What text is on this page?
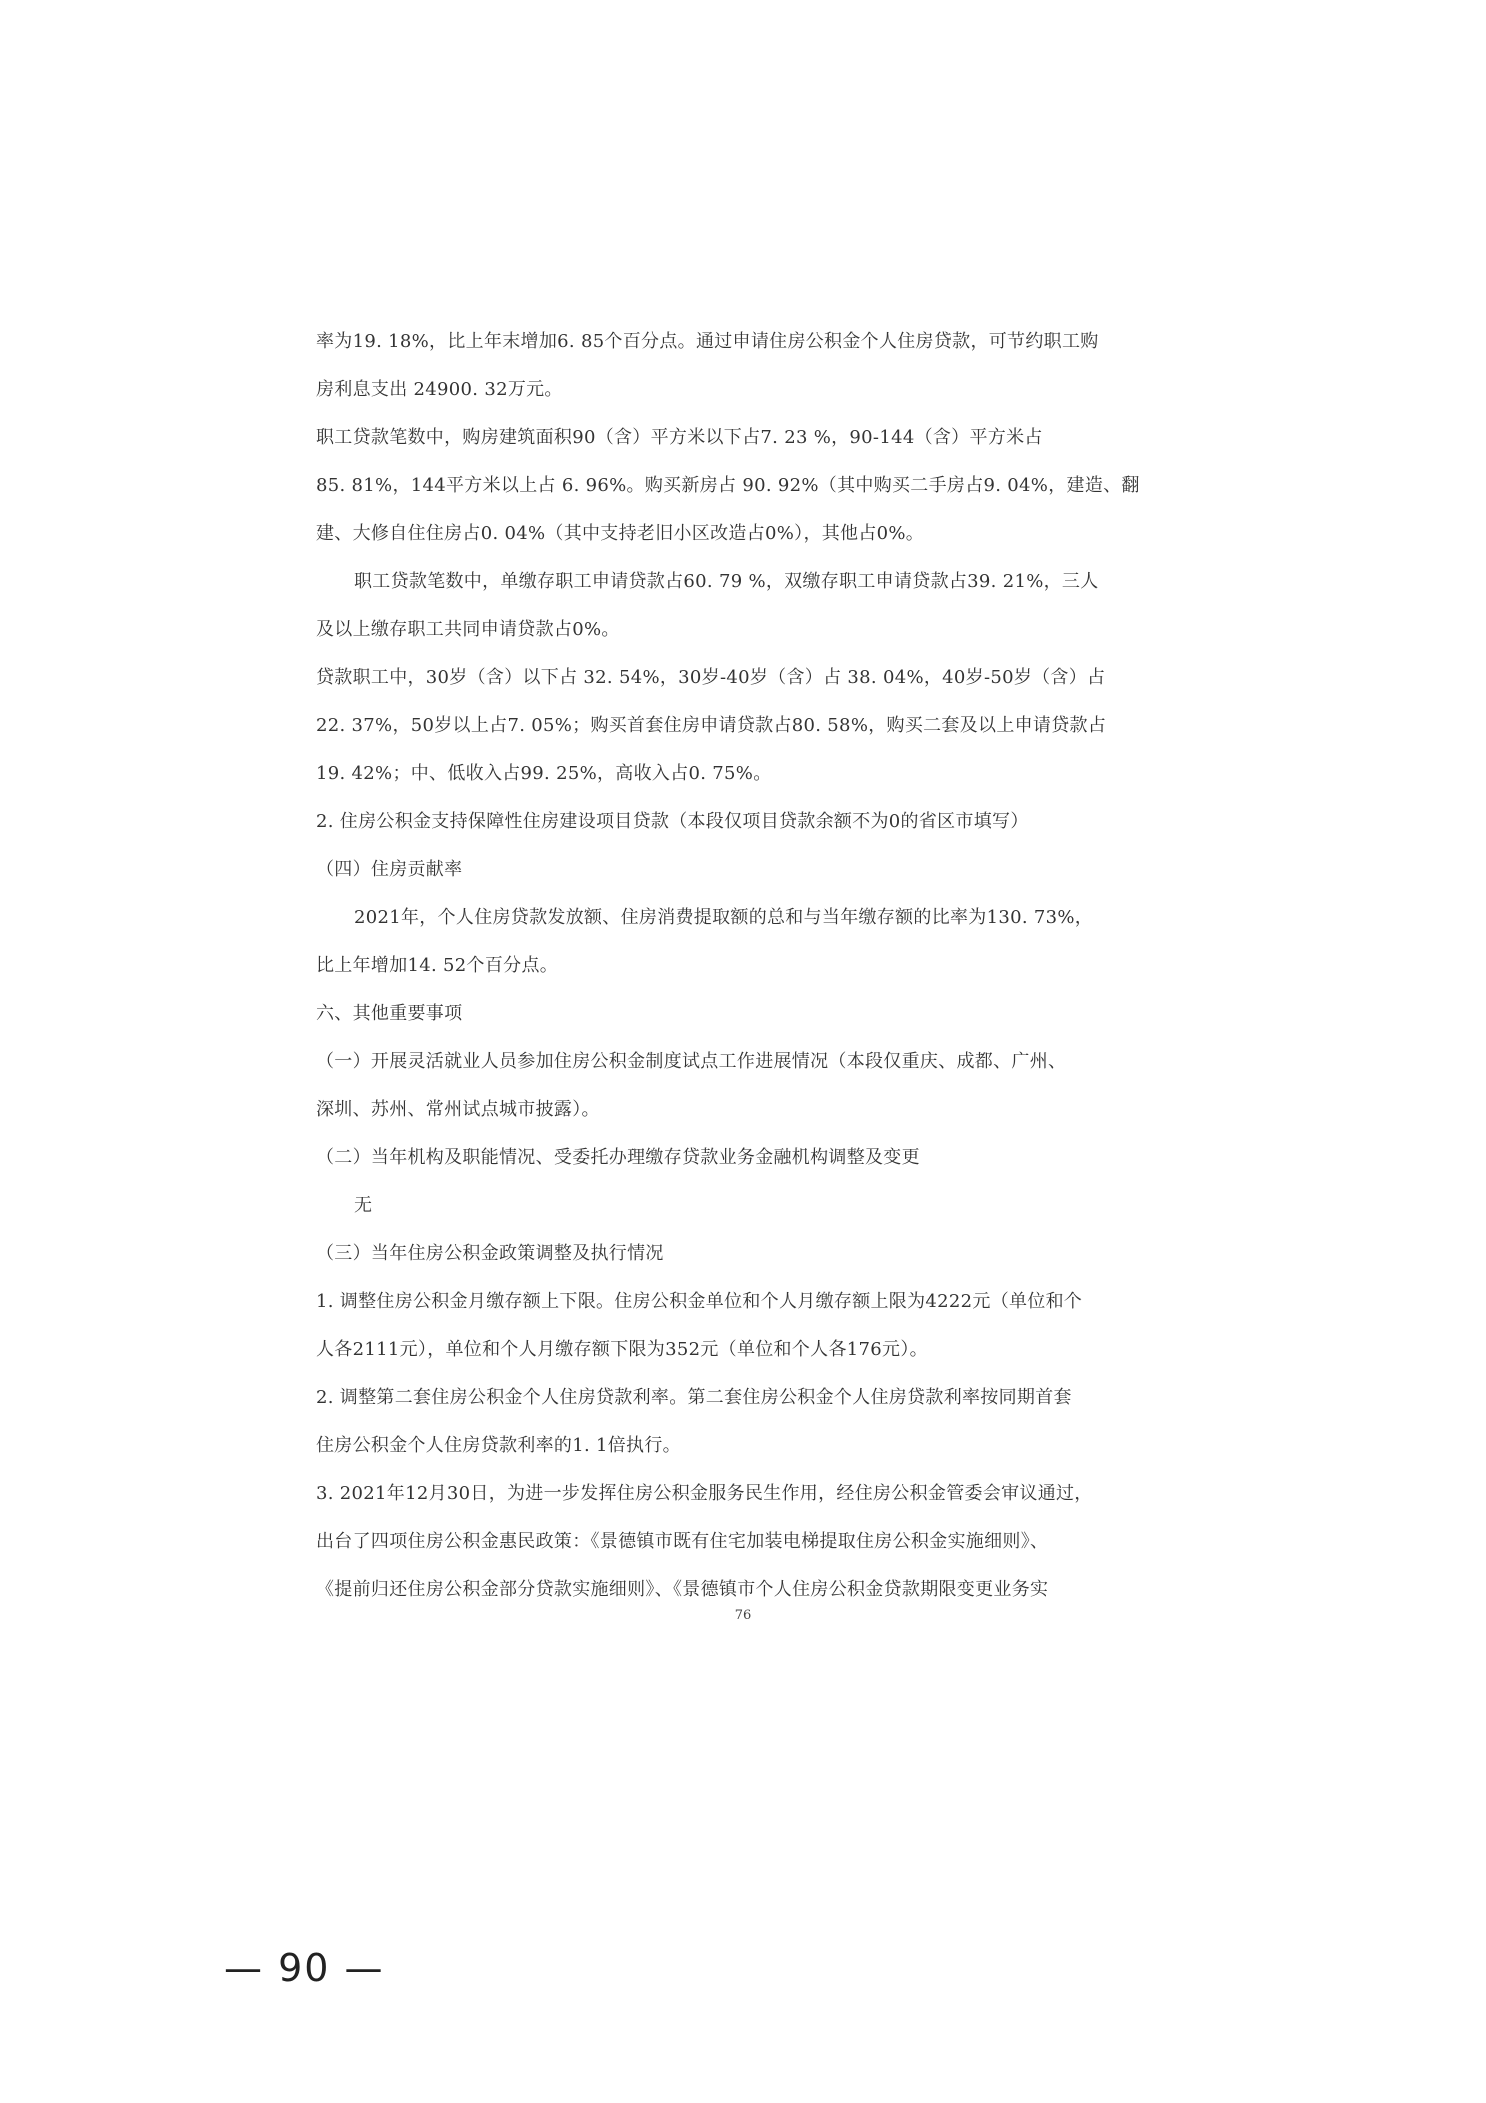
率为19. 18%，比上年末增加6. 85个百分点。通过申请住房公积金个人住房贷款，可节约职工购
房利息支出 24900. 32万元。
职工贷款笔数中，购房建筑面积90（含）平方米以下占7. 23 %，90-144（含）平方米占
85. 81%，144平方米以上占 6. 96%。购买新房占 90. 92%（其中购买二手房占9. 04%，建造、翻
建、大修自住住房占0. 04%（其中支持老旧小区改造占0%），其他占0%。
职工贷款笔数中，单缴存职工申请贷款占60. 79 %，双缴存职工申请贷款占39. 21%，三人
及以上缴存职工共同申请贷款占0%。
贷款职工中，30岁（含）以下占 32. 54%，30岁-40岁（含）占 38. 04%，40岁-50岁（含）占
22. 37%，50岁以上占7. 05%；购买首套住房申请贷款占80. 58%，购买二套及以上申请贷款占
19. 42%；中、低收入占99. 25%，高收入占0. 75%。
2. 住房公积金支持保障性住房建设项目贷款（本段仅项目贷款余额不为0的省区市填写）
（四）住房贡献率
2021年，个人住房贷款发放额、住房消费提取额的总和与当年缴存额的比率为130. 73%，
比上年增加14. 52个百分点。
六、其他重要事项
（一）开展灵活就业人员参加住房公积金制度试点工作进展情况（本段仅重庆、成都、广州、
深圳、苏州、常州试点城市披露）。
（二）当年机构及职能情况、受委托办理缴存贷款业务金融机构调整及变更
无
（三）当年住房公积金政策调整及执行情况
1. 调整住房公积金月缴存额上下限。住房公积金单位和个人月缴存额上限为4222元（单位和个
人各2111元），单位和个人月缴存额下限为352元（单位和个人各176元）。
2. 调整第二套住房公积金个人住房贷款利率。第二套住房公积金个人住房贷款利率按同期首套
住房公积金个人住房贷款利率的1. 1倍执行。
3. 2021年12月30日，为进一步发挥住房公积金服务民生作用，经住房公积金管委会审议通过，
出台了四项住房公积金惠民政策：《景德镇市既有住宅加装电梯提取住房公积金实施细则》、
《提前归还住房公积金部分贷款实施细则》、《景德镇市个人住房公积金贷款期限变更业务实
76
— 90 —
